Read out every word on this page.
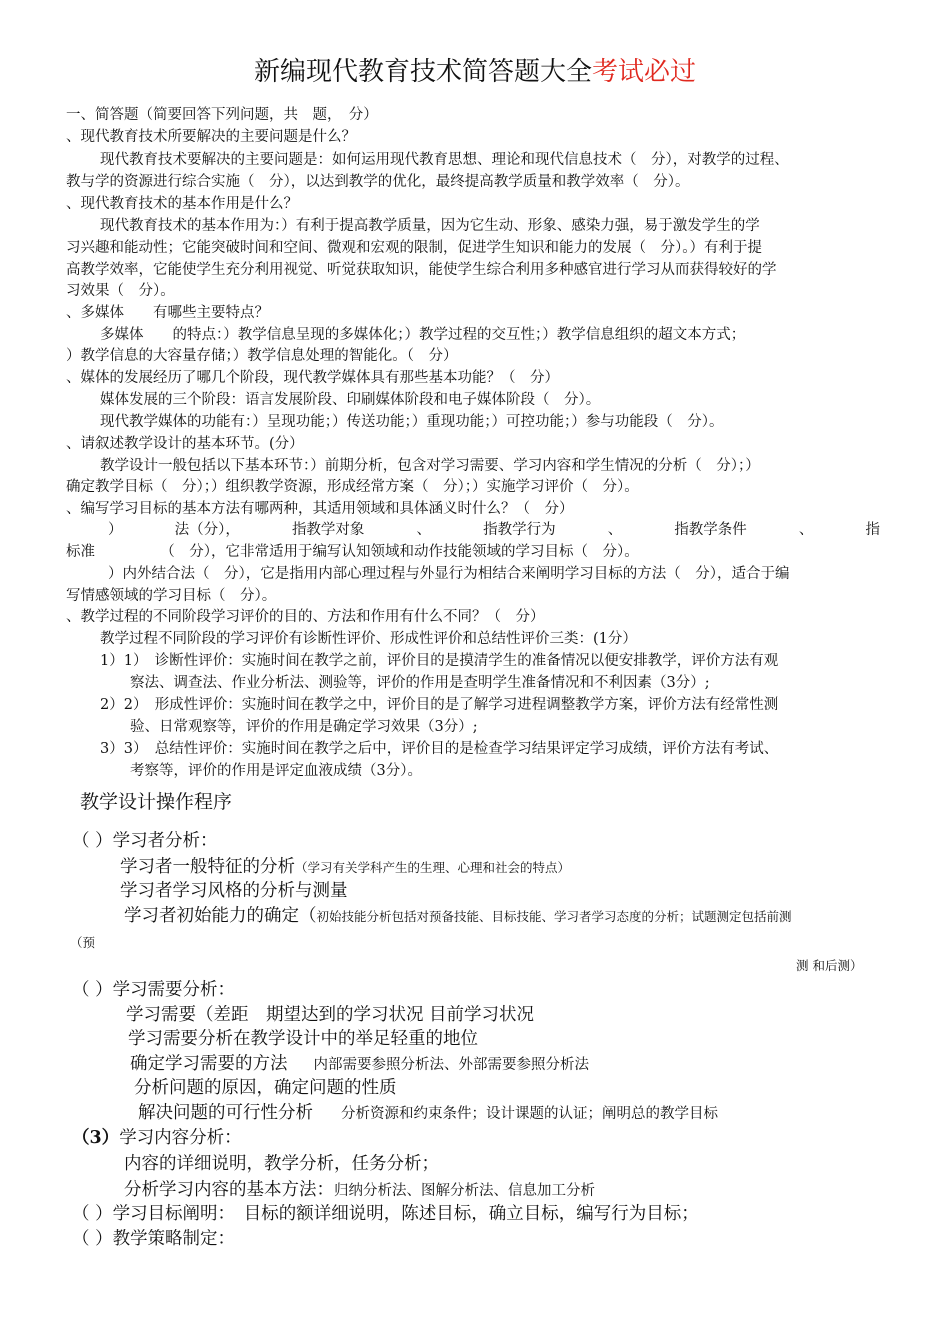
新编现代教育技术简答题大全考试必过
一、简答题（简要回答下列问题，共　题，　分）
、现代教育技术所要解决的主要问题是什么？
现代教育技术要解决的主要问题是：如何运用现代教育思想、理论和现代信息技术（　分），对教学的过程、
教与学的资源进行综合实施（　分），以达到教学的优化，最终提高教学质量和教学效率（　分）。
、现代教育技术的基本作用是什么？
现代教育技术的基本作用为：）有利于提高教学质量，因为它生动、形象、感染力强，易于激发学生的学
习兴趣和能动性；它能突破时间和空间、微观和宏观的限制，促进学生知识和能力的发展（　分）。）有利于提
高教学效率，它能使学生充分利用视觉、听觉获取知识，能使学生综合利用多种感官进行学习从而获得较好的学
习效果（　分）。
、多媒体　　有哪些主要特点？
多媒体　　的特点：）教学信息呈现的多媒体化；）教学过程的交互性；）教学信息组织的超文本方式；
）教学信息的大容量存储；）教学信息处理的智能化。（　分）
、媒体的发展经历了哪几个阶段，现代教学媒体具有那些基本功能？（　分）
媒体发展的三个阶段：语言发展阶段、印刷媒体阶段和电子媒体阶段（　分）。
现代教学媒体的功能有：）呈现功能；）传送功能；）重现功能；）可控功能；）参与功能段（　分）。
、请叙述教学设计的基本环节。(分）
教学设计一般包括以下基本环节：）前期分析，包含对学习需要、学习内容和学生情况的分析（　分）；）
确定教学目标（　分）；）组织教学资源，形成经常方案（　分）；）实施学习评价（　分）。
、编写学习目标的基本方法有哪两种，其适用领域和具体涵义时什么？（　分）
）	法（分），	指教学对象	、	指教学行为	、	指教学条件	、	指
标准　　　　　（　分），它非常适用于编写认知领域和动作技能领域的学习目标（　分）。
）内外结合法（　分），它是指用内部心理过程与外显行为相结合来阐明学习目标的方法（　分），适合于编
写情感领域的学习目标（　分）。
、教学过程的不同阶段学习评价的目的、方法和作用有什么不同？（　分）
教学过程不同阶段的学习评价有诊断性评价、形成性评价和总结性评价三类：(1分）
1）1）　诊断性评价：实施时间在教学之前，评价目的是摸清学生的准备情况以便安排教学，评价方法有观
察法、调查法、作业分析法、测验等，评价的作用是查明学生准备情况和不利因素（3分）;
2）2）　形成性评价：实施时间在教学之中，评价目的是了解学习进程调整教学方案，评价方法有经常性测
验、日常观察等，评价的作用是确定学习效果（3分）;
3）3）　总结性评价：实施时间在教学之后中，评价目的是检查学习结果评定学习成绩，评价方法有考试、
考察等，评价的作用是评定血液成绩（3分）。
教学设计操作程序
（ ）学习者分析：
学习者一般特征的分析（学习有关学科产生的生理、心理和社会的特点）
学习者学习风格的分析与测量
学习者初始能力的确定（初始技能分析包括对预备技能、目标技能、学习者学习态度的分析；试题测定包括前测
（预
测 和后测）
（ ）学习需要分析：
学习需要（差距　期望达到的学习状况 目前学习状况
学习需要分析在教学设计中的举足轻重的地位
确定学习需要的方法 内部需要参照分析法、外部需要参照分析法
分析问题的原因，确定问题的性质
解决问题的可行性分析 分析资源和约束条件；设计课题的认证；阐明总的教学目标
（3）学习内容分析：
内容的详细说明，教学分析，任务分析；
分析学习内容的基本方法：归纳分析法、图解分析法、信息加工分析
（ ）学习目标阐明：　目标的额详细说明，陈述目标，确立目标，编写行为目标；
（ ）教学策略制定：
